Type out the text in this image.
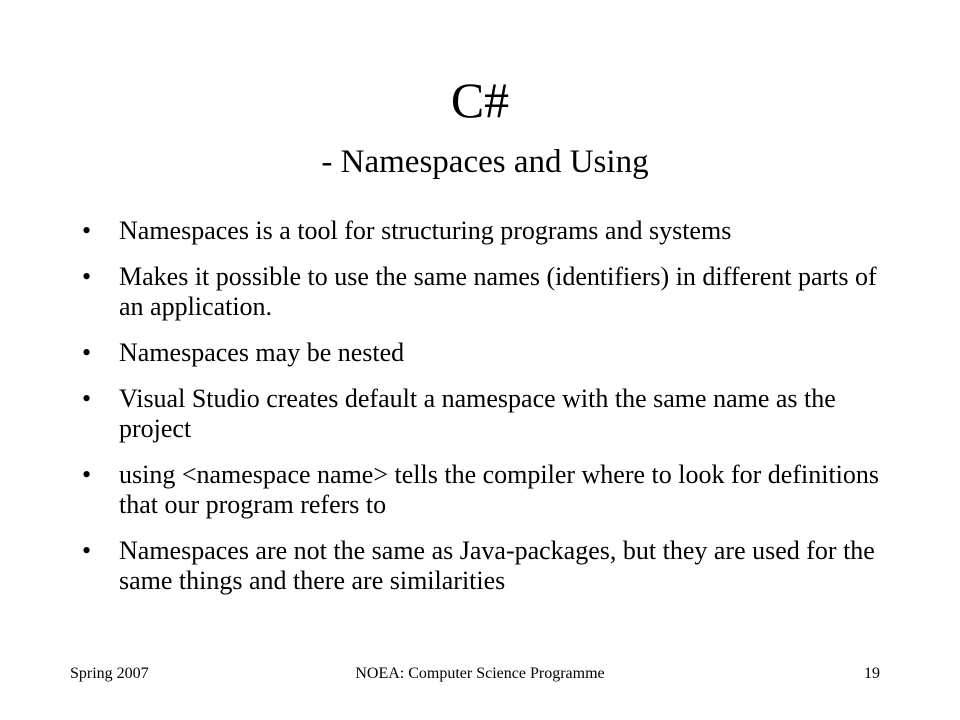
C#
- Namespaces and Using
•	Namespaces is a tool for structuring programs and systems
•	Makes it possible to use the same names (identifiers) in different parts of an application.
•	Namespaces may be nested
•	Visual Studio creates default a namespace with the same name as the project
•	using <namespace name> tells the compiler where to look for definitions that our program refers to
•	Namespaces are not the same as Java-packages, but they are used for the same things and there are similarities
Spring 2007	NOEA: Computer Science Programme	19
